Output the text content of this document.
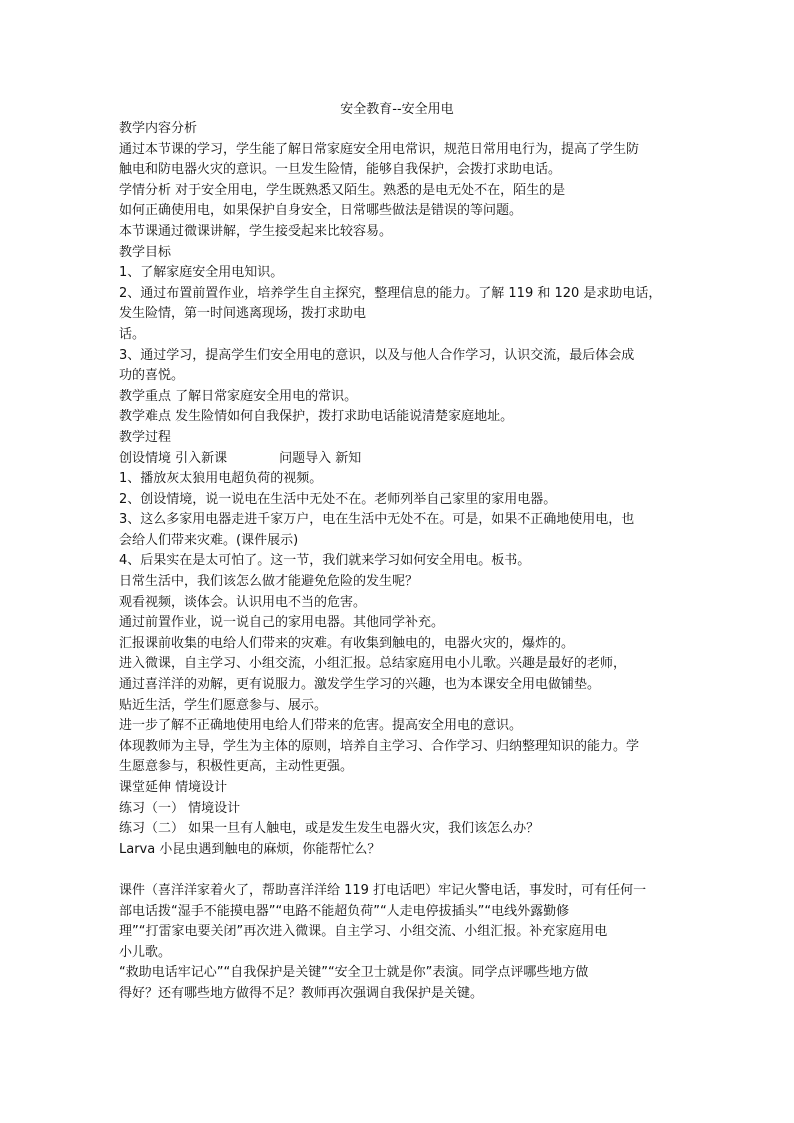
安全教育--安全用电
教学内容分析
通过本节课的学习，学生能了解日常家庭安全用电常识，规范日常用电行为，提高了学生防
触电和防电器火灾的意识。一旦发生险情，能够自我保护，会拨打求助电话。
学情分析 对于安全用电，学生既熟悉又陌生。熟悉的是电无处不在，陌生的是
如何正确使用电，如果保护自身安全，日常哪些做法是错误的等问题。
本节课通过微课讲解，学生接受起来比较容易。
教学目标
1、了解家庭安全用电知识。
2、通过布置前置作业，培养学生自主探究，整理信息的能力。了解 119 和 120 是求助电话，
发生险情，第一时间逃离现场，拨打求助电
话。
3、通过学习，提高学生们安全用电的意识，以及与他人合作学习，认识交流，最后体会成
功的喜悦。
教学重点 了解日常家庭安全用电的常识。
教学难点 发生险情如何自我保护，拨打求助电话能说清楚家庭地址。
教学过程
创设情境 引入新课	问题导入 新知
1、播放灰太狼用电超负荷的视频。
2、创设情境，说一说电在生活中无处不在。老师列举自己家里的家用电器。
3、这么多家用电器走进千家万户，电在生活中无处不在。可是，如果不正确地使用电，也
会给人们带来灾难。(课件展示)
4、后果实在是太可怕了。这一节，我们就来学习如何安全用电。板书。
日常生活中，我们该怎么做才能避免危险的发生呢？
观看视频，谈体会。认识用电不当的危害。
通过前置作业，说一说自己的家用电器。其他同学补充。
汇报课前收集的电给人们带来的灾难。有收集到触电的，电器火灾的，爆炸的。
进入微课，自主学习、小组交流，小组汇报。总结家庭用电小儿歌。兴趣是最好的老师，
通过喜洋洋的劝解，更有说服力。激发学生学习的兴趣，也为本课安全用电做铺垫。
贴近生活，学生们愿意参与、展示。
进一步了解不正确地使用电给人们带来的危害。提高安全用电的意识。
体现教师为主导，学生为主体的原则，培养自主学习、合作学习、归纳整理知识的能力。学
生愿意参与，积极性更高，主动性更强。
课堂延伸 情境设计
练习（一） 情境设计
练习（二） 如果一旦有人触电，或是发生发生电器火灾，我们该怎么办？
Larva 小昆虫遇到触电的麻烦，你能帮忙么？
课件（喜洋洋家着火了，帮助喜洋洋给 119 打电话吧）牢记火警电话，事发时，可有任何一
部电话拨“湿手不能摸电器”“电路不能超负荷”“人走电停拔插头”“电线外露勤修
理”“打雷家电要关闭”再次进入微课。自主学习、小组交流、小组汇报。补充家庭用电
小儿歌。
“救助电话牢记心”“自我保护是关键”“安全卫士就是你”表演。同学点评哪些地方做
得好？还有哪些地方做得不足？教师再次强调自我保护是关键。
